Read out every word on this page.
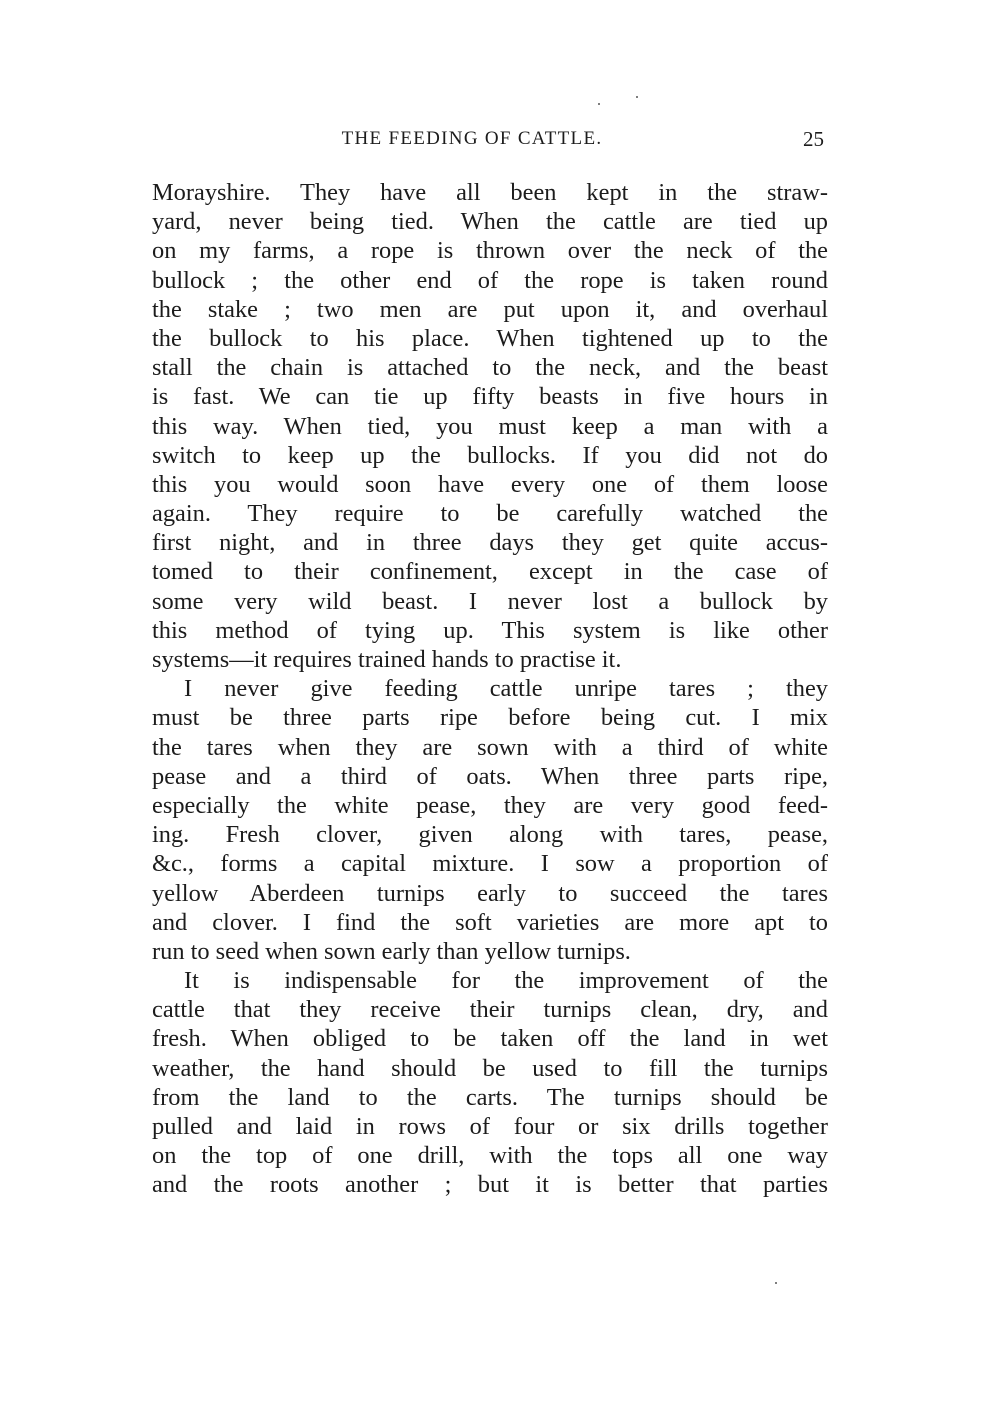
THE FEEDING OF CATTLE.	25
Morayshire. They have all been kept in the straw-
yard, never being tied. When the cattle are tied up
on my farms, a rope is thrown over the neck of the
bullock ; the other end of the rope is taken round
the stake ; two men are put upon it, and overhaul
the bullock to his place. When tightened up to the
stall the chain is attached to the neck, and the beast
is fast. We can tie up fifty beasts in five hours in
this way. When tied, you must keep a man with a
switch to keep up the bullocks. If you did not do
this you would soon have every one of them loose
again. They require to be carefully watched the
first night, and in three days they get quite accus-
tomed to their confinement, except in the case of
some very wild beast. I never lost a bullock by
this method of tying up. This system is like other
systems—it requires trained hands to practise it.
I never give feeding cattle unripe tares ; they
must be three parts ripe before being cut. I mix
the tares when they are sown with a third of white
pease and a third of oats. When three parts ripe,
especially the white pease, they are very good feed-
ing. Fresh clover, given along with tares, pease,
&c., forms a capital mixture. I sow a proportion of
yellow Aberdeen turnips early to succeed the tares
and clover. I find the soft varieties are more apt to
run to seed when sown early than yellow turnips.
It is indispensable for the improvement of the
cattle that they receive their turnips clean, dry, and
fresh. When obliged to be taken off the land in wet
weather, the hand should be used to fill the turnips
from the land to the carts. The turnips should be
pulled and laid in rows of four or six drills together
on the top of one drill, with the tops all one way
and the roots another ; but it is better that parties
